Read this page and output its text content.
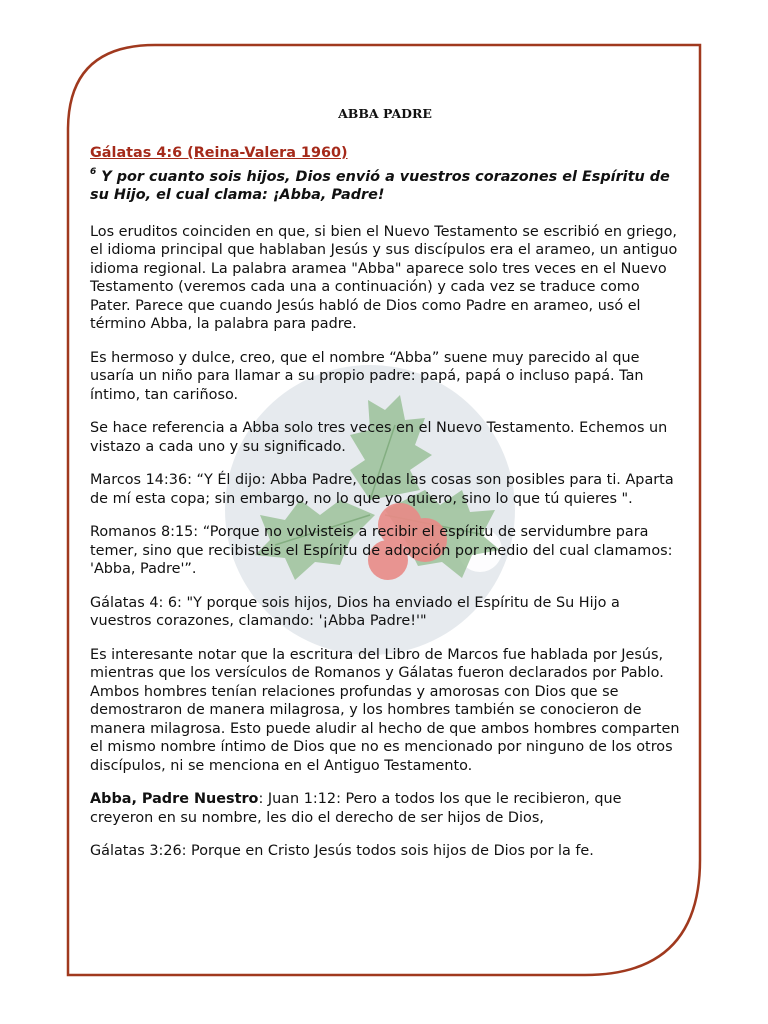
ABBA PADRE
Gálatas 4:6 (Reina-Valera 1960)
$^6$ Y por cuanto sois hijos, Dios envió a vuestros corazones el Espíritu de su Hijo, el cual clama: ¡Abba, Padre!

Los eruditos coinciden en que, si bien el Nuevo Testamento se escribió en griego, el idioma principal que hablaban Jesús y sus discípulos era el arameo, un antiguo idioma regional. La palabra aramea "Abba" aparece solo tres veces en el Nuevo Testamento (veremos cada una a continuación) y cada vez se traduce como Pater. Parece que cuando Jesús habló de Dios como Padre en arameo, usó el término Abba, la palabra para padre.

Es hermoso y dulce, creo, que el nombre “Abba” suene muy parecido al que usaría un niño para llamar a su propio padre: papá, papá o incluso papá. Tan íntimo, tan cariñoso.

Se hace referencia a Abba solo tres veces en el Nuevo Testamento. Echemos un vistazo a cada uno y su significado.

Marcos 14:36: “Y Él dijo: Abba Padre, todas las cosas son posibles para ti. Aparta de mí esta copa; sin embargo, no lo que yo quiero, sino lo que tú quieres ".

Romanos 8:15: “Porque no volvisteis a recibir el espíritu de servidumbre para temer, sino que recibisteis el Espíritu de adopción por medio del cual clamamos: 'Abba, Padre'”.

Gálatas 4: 6: "Y porque sois hijos, Dios ha enviado el Espíritu de Su Hijo a vuestros corazones, clamando: '¡Abba Padre!'"

Es interesante notar que la escritura del Libro de Marcos fue hablada por Jesús, mientras que los versículos de Romanos y Gálatas fueron declarados por Pablo. Ambos hombres tenían relaciones profundas y amorosas con Dios que se demostraron de manera milagrosa, y los hombres también se conocieron de manera milagrosa. Esto puede aludir al hecho de que ambos hombres comparten el mismo nombre íntimo de Dios que no es mencionado por ninguno de los otros discípulos, ni se menciona en el Antiguo Testamento.

Abba, Padre Nuestro: Juan 1:12: Pero a todos los que le recibieron, que creyeron en su nombre, les dio el derecho de ser hijos de Dios,

Gálatas 3:26: Porque en Cristo Jesús todos sois hijos de Dios por la fe.
